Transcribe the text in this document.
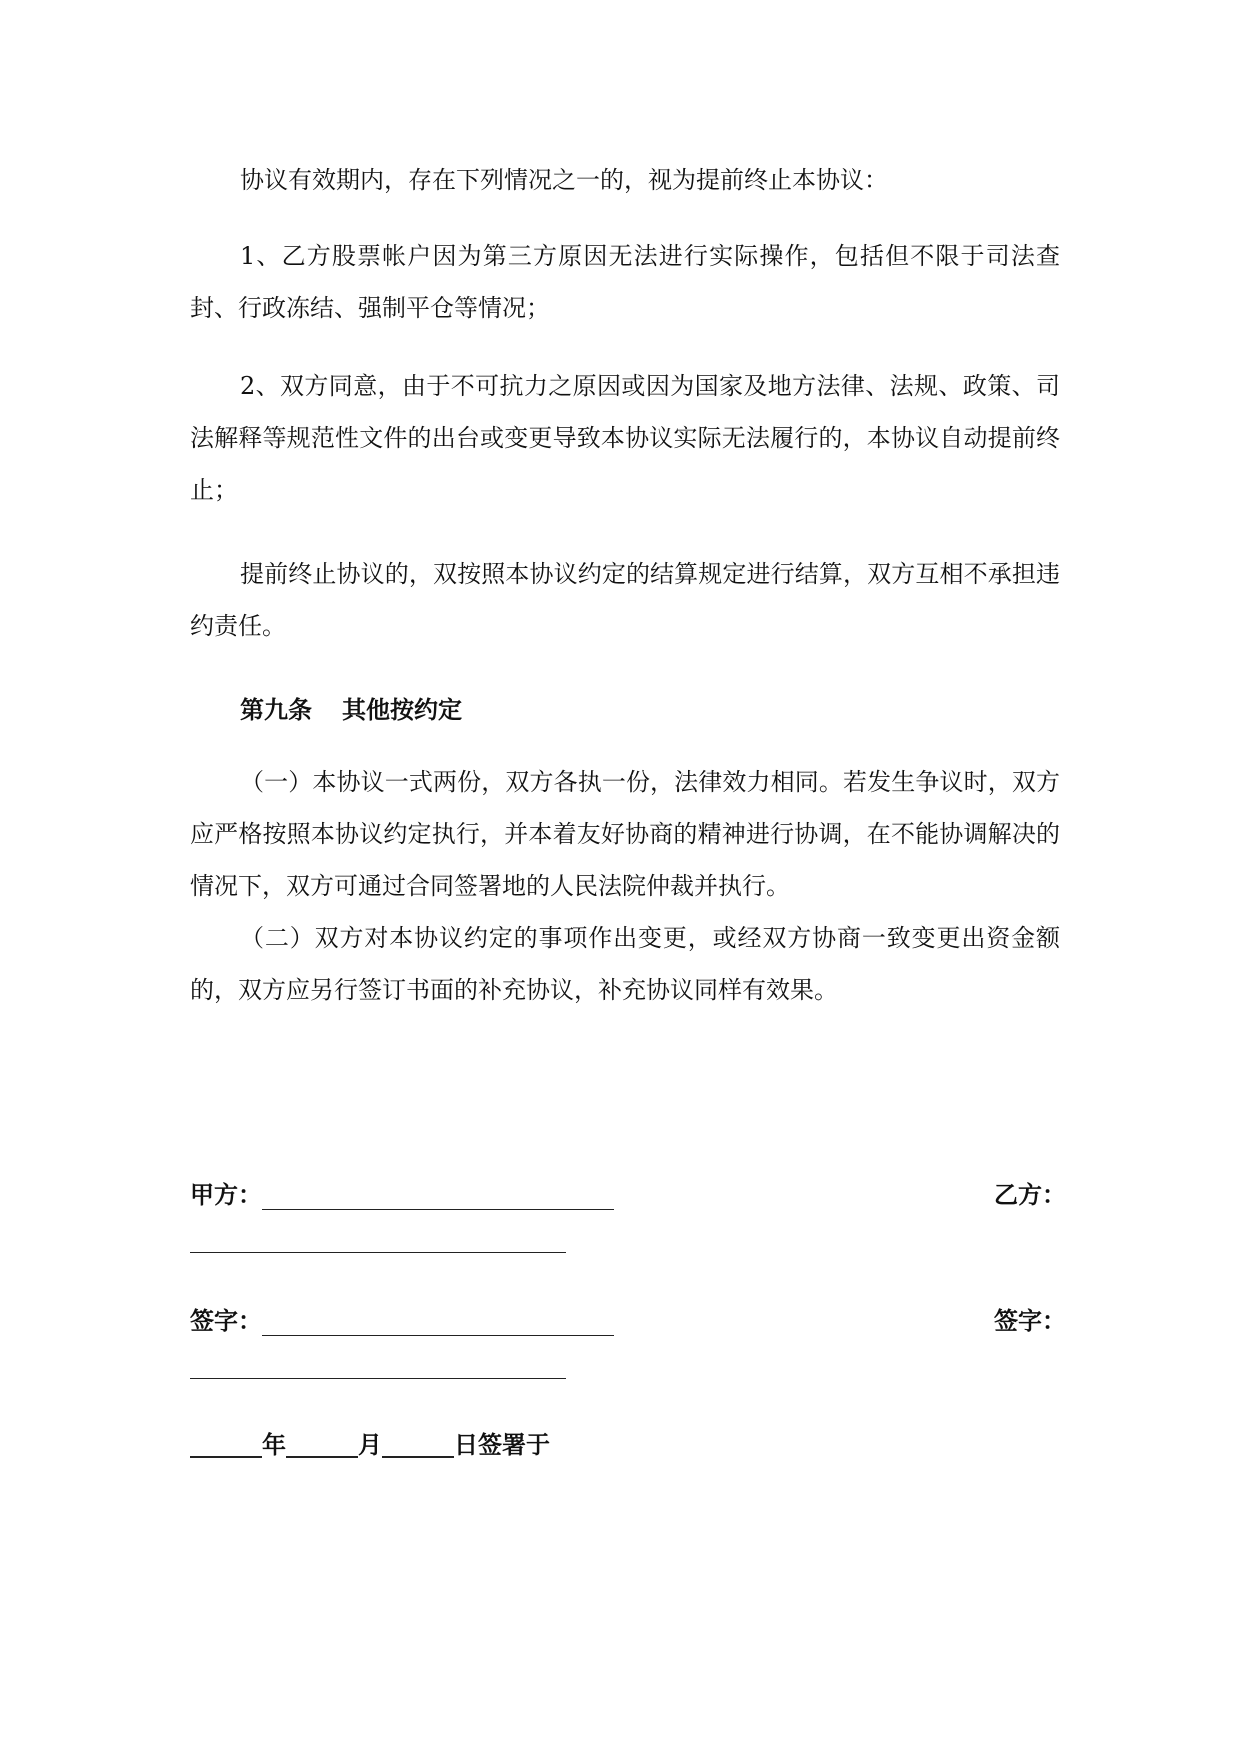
协议有效期内，存在下列情况之一的，视为提前终止本协议：

1、乙方股票帐户因为第三方原因无法进行实际操作，包括但不限于司法查封、行政冻结、强制平仓等情况；

2、双方同意，由于不可抗力之原因或因为国家及地方法律、法规、政策、司法解释等规范性文件的出台或变更导致本协议实际无法履行的，本协议自动提前终止；

提前终止协议的，双按照本协议约定的结算规定进行结算，双方互相不承担违约责任。

第九条 其他按约定

（一）本协议一式两份，双方各执一份，法律效力相同。若发生争议时，双方应严格按照本协议约定执行，并本着友好协商的精神进行协调，在不能协调解决的情况下，双方可通过合同签署地的人民法院仲裁并执行。

（二）双方对本协议约定的事项作出变更，或经双方协商一致变更出资金额的，双方应另行签订书面的补充协议，补充协议同样有效果。

甲方：	乙方：
签字：	签字：
年	月	日签署于
